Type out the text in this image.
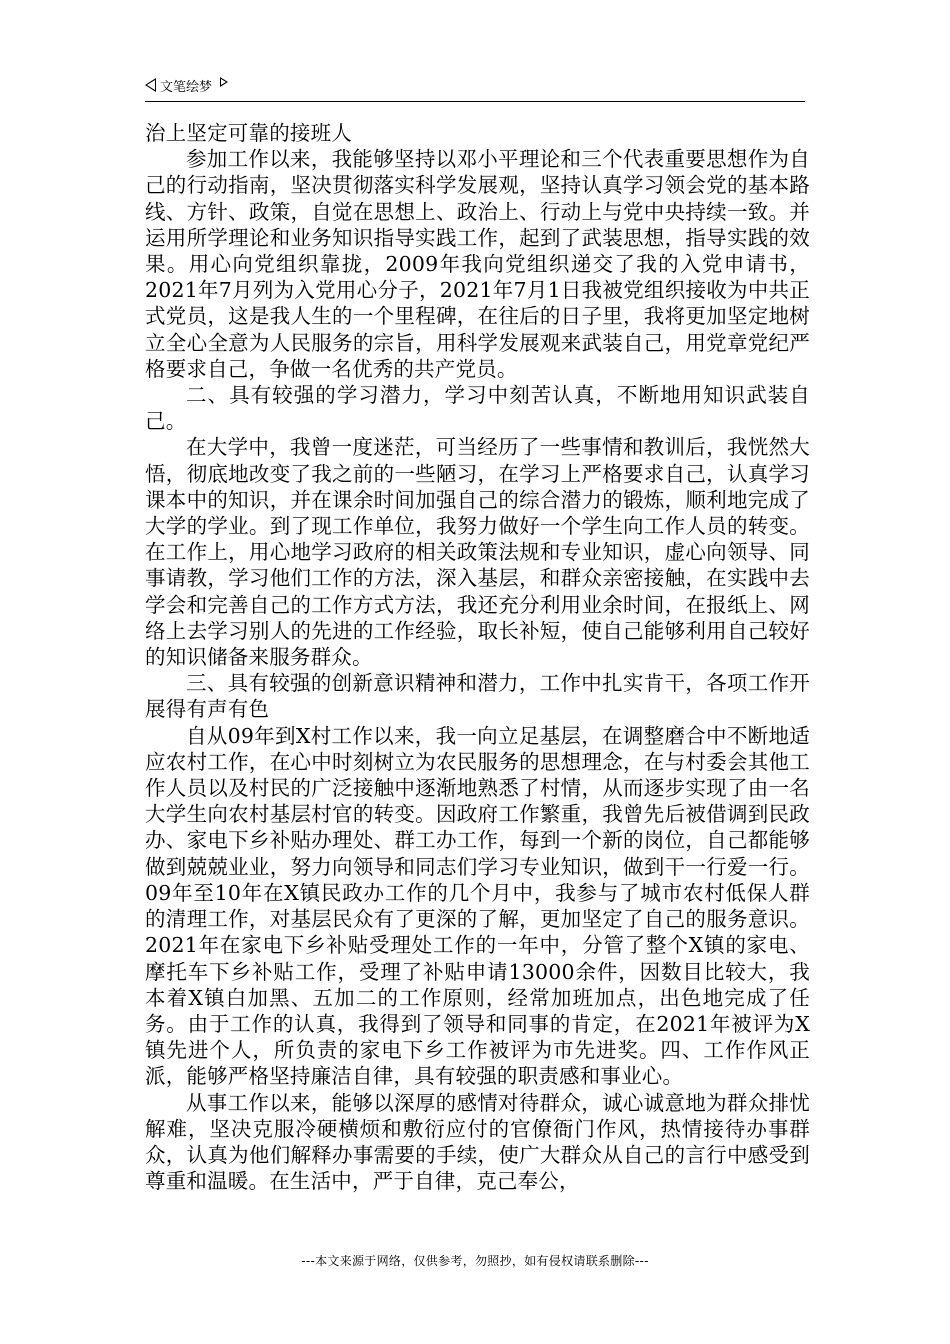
文笔绘梦

治上坚定可靠的接班人

参加工作以来，我能够坚持以邓小平理论和三个代表重要思想作为自己的行动指南，坚决贯彻落实科学发展观，坚持认真学习领会党的基本路线、方针、政策，自觉在思想上、政治上、行动上与党中央持续一致。并运用所学理论和业务知识指导实践工作，起到了武装思想，指导实践的效果。用心向党组织靠拢，2009年我向党组织递交了我的入党申请书，2021年7月列为入党用心分子，2021年7月1日我被党组织接收为中共正式党员，这是我人生的一个里程碑，在往后的日子里，我将更加坚定地树立全心全意为人民服务的宗旨，用科学发展观来武装自己，用党章党纪严格要求自己，争做一名优秀的共产党员。

二、具有较强的学习潜力，学习中刻苦认真，不断地用知识武装自己。

在大学中，我曾一度迷茫，可当经历了一些事情和教训后，我恍然大悟，彻底地改变了我之前的一些陋习，在学习上严格要求自己，认真学习课本中的知识，并在课余时间加强自己的综合潜力的锻炼，顺利地完成了大学的学业。到了现工作单位，我努力做好一个学生向工作人员的转变。在工作上，用心地学习政府的相关政策法规和专业知识，虚心向领导、同事请教，学习他们工作的方法，深入基层，和群众亲密接触，在实践中去学会和完善自己的工作方式方法，我还充分利用业余时间，在报纸上、网络上去学习别人的先进的工作经验，取长补短，使自己能够利用自己较好的知识储备来服务群众。

三、具有较强的创新意识精神和潜力，工作中扎实肯干，各项工作开展得有声有色

自从09年到X村工作以来，我一向立足基层，在调整磨合中不断地适应农村工作，在心中时刻树立为农民服务的思想理念，在与村委会其他工作人员以及村民的广泛接触中逐渐地熟悉了村情，从而逐步实现了由一名大学生向农村基层村官的转变。因政府工作繁重，我曾先后被借调到民政办、家电下乡补贴办理处、群工办工作，每到一个新的岗位，自己都能够做到兢兢业业，努力向领导和同志们学习专业知识，做到干一行爱一行。09年至10年在X镇民政办工作的几个月中，我参与了城市农村低保人群的清理工作，对基层民众有了更深的了解，更加坚定了自己的服务意识。2021年在家电下乡补贴受理处工作的一年中，分管了整个X镇的家电、摩托车下乡补贴工作，受理了补贴申请13000余件，因数目比较大，我本着X镇白加黑、五加二的工作原则，经常加班加点，出色地完成了任务。由于工作的认真，我得到了领导和同事的肯定，在2021年被评为X镇先进个人，所负责的家电下乡工作被评为市先进奖。四、工作作风正派，能够严格坚持廉洁自律，具有较强的职责感和事业心。

从事工作以来，能够以深厚的感情对待群众，诚心诚意地为群众排忧解难，坚决克服冷硬横烦和敷衍应付的官僚衙门作风，热情接待办事群众，认真为他们解释办事需要的手续，使广大群众从自己的言行中感受到尊重和温暖。在生活中，严于自律，克己奉公，

---本文来源于网络，仅供参考，勿照抄，如有侵权请联系删除---
